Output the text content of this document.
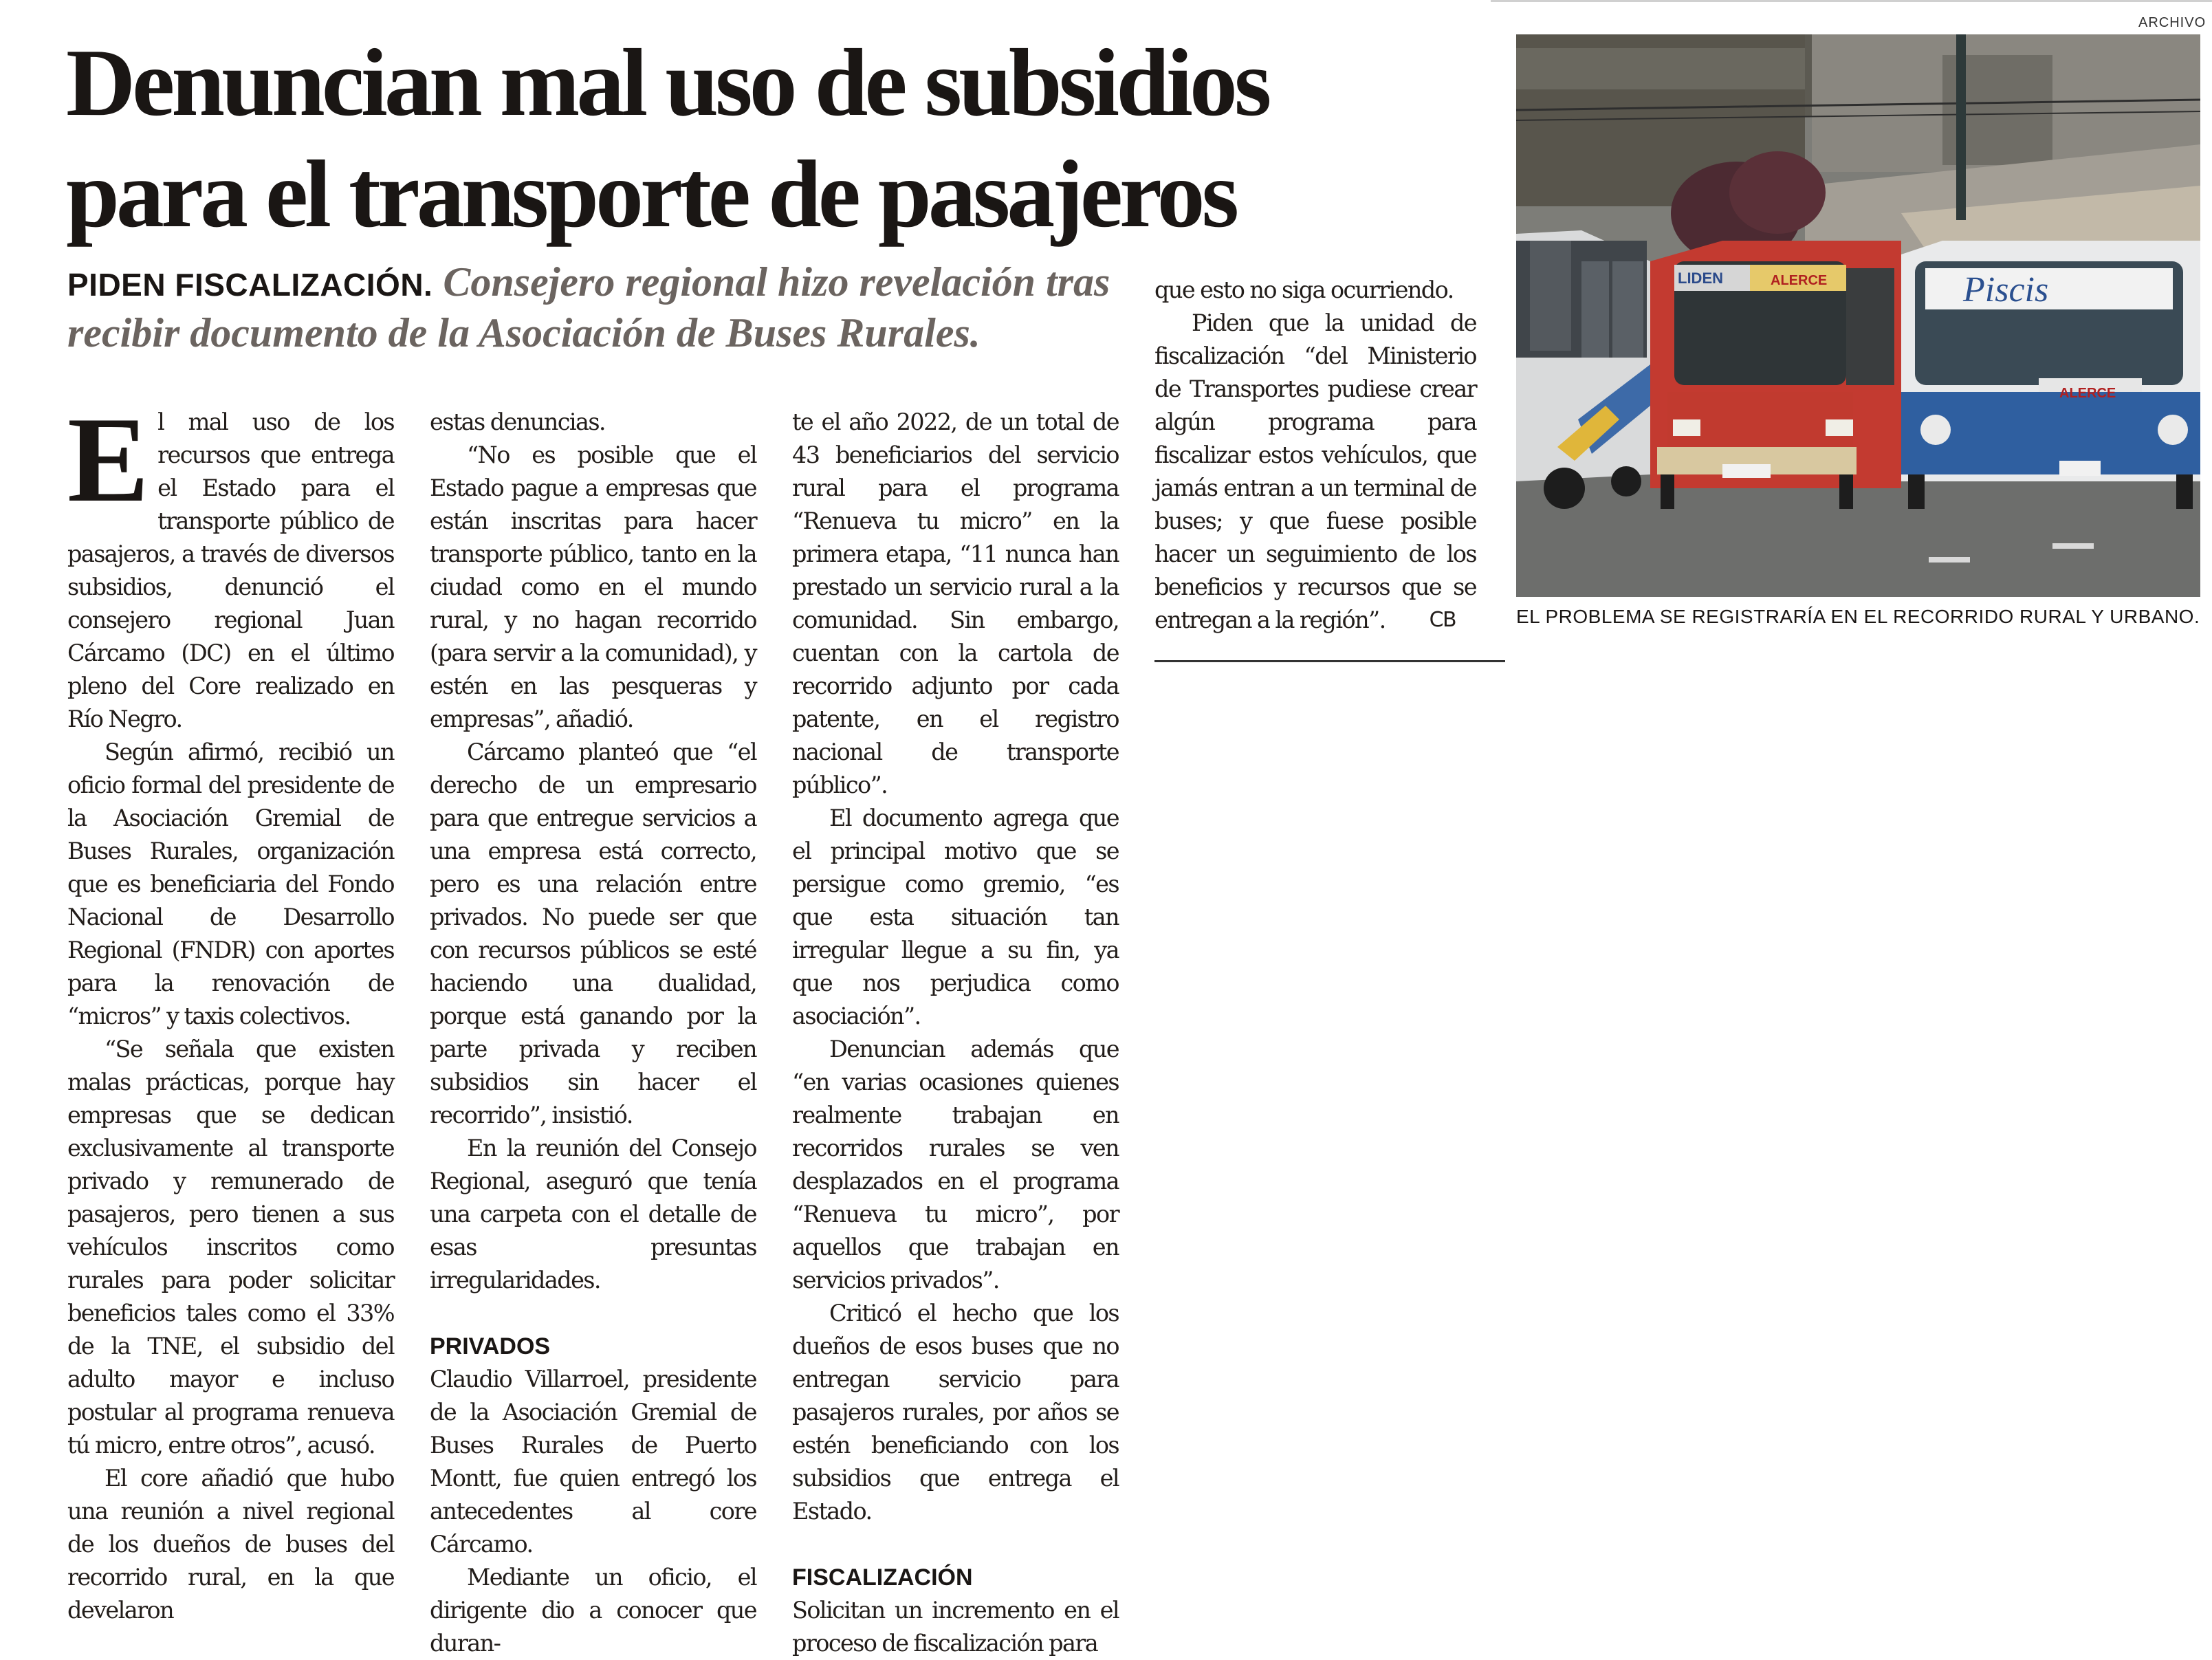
Denuncian mal uso de subsidios
para el transporte de pasajeros
PIDEN FISCALIZACIÓN. Consejero regional hizo revelación tras recibir documento de la Asociación de Buses Rurales.

El mal uso de los recursos que entrega el Estado para el transporte público de pasajeros, a través de diversos subsidios, denunció el consejero regional Juan Cárcamo (DC) en el último pleno del Core realizado en Río Negro.

Según afirmó, recibió un oficio formal del presidente de la Asociación Gremial de Buses Rurales, organización que es beneficiaria del Fondo Nacional de Desarrollo Regional (FNDR) con aportes para la renovación de “micros” y taxis colectivos.

“Se señala que existen malas prácticas, porque hay empresas que se dedican exclusivamente al transporte privado y remunerado de pasajeros, pero tienen a sus vehículos inscritos como rurales para poder solicitar beneficios tales como el 33% de la TNE, el subsidio del adulto mayor e incluso postular al programa renueva tú micro, entre otros”, acusó.

El core añadió que hubo una reunión a nivel regional de los dueños de buses del recorrido rural, en la que develaron

estas denuncias.

“No es posible que el Estado pague a empresas que están inscritas para hacer transporte público, tanto en la ciudad como en el mundo rural, y no hagan recorrido (para servir a la comunidad), y estén en las pesqueras y empresas”, añadió.

Cárcamo planteó que “el derecho de un empresario para que entregue servicios a una empresa está correcto, pero es una relación entre privados. No puede ser que con recursos públicos se esté haciendo una dualidad, porque está ganando por la parte privada y reciben subsidios sin hacer el recorrido”, insistió.

En la reunión del Consejo Regional, aseguró que tenía una carpeta con el detalle de esas presuntas irregularidades.

PRIVADOS

Claudio Villarroel, presidente de la Asociación Gremial de Buses Rurales de Puerto Montt, fue quien entregó los antecedentes al core Cárcamo.

Mediante un oficio, el dirigente dio a conocer que duran-

te el año 2022, de un total de 43 beneficiarios del servicio rural para el programa “Renueva tu micro” en la primera etapa, “11 nunca han prestado un servicio rural a la comunidad. Sin embargo, cuentan con la cartola de recorrido adjunto por cada patente, en el registro nacional de transporte público”.

El documento agrega que el principal motivo que se persigue como gremio, “es que esta situación tan irregular llegue a su fin, ya que nos perjudica como asociación”.

Denuncian además que “en varias ocasiones quienes realmente trabajan en recorridos rurales se ven desplazados en el programa “Renueva tu micro”, por aquellos que trabajan en servicios privados”.

Criticó el hecho que los dueños de esos buses que no entregan servicio para pasajeros rurales, por años se estén beneficiando con los subsidios que entrega el Estado.

FISCALIZACIÓN

Solicitan un incremento en el proceso de fiscalización para

que esto no siga ocurriendo.

Piden que la unidad de fiscalización “del Ministerio de Transportes pudiese crear algún programa para fiscalizar estos vehículos, que jamás entran a un terminal de buses; y que fuese posible hacer un seguimiento de los beneficios y recursos que se entregan a la región”.	CB

ARCHIVO
LIDEN	ALERCE	Piscis
ALERCE
EL PROBLEMA SE REGISTRARÍA EN EL RECORRIDO RURAL Y URBANO.
